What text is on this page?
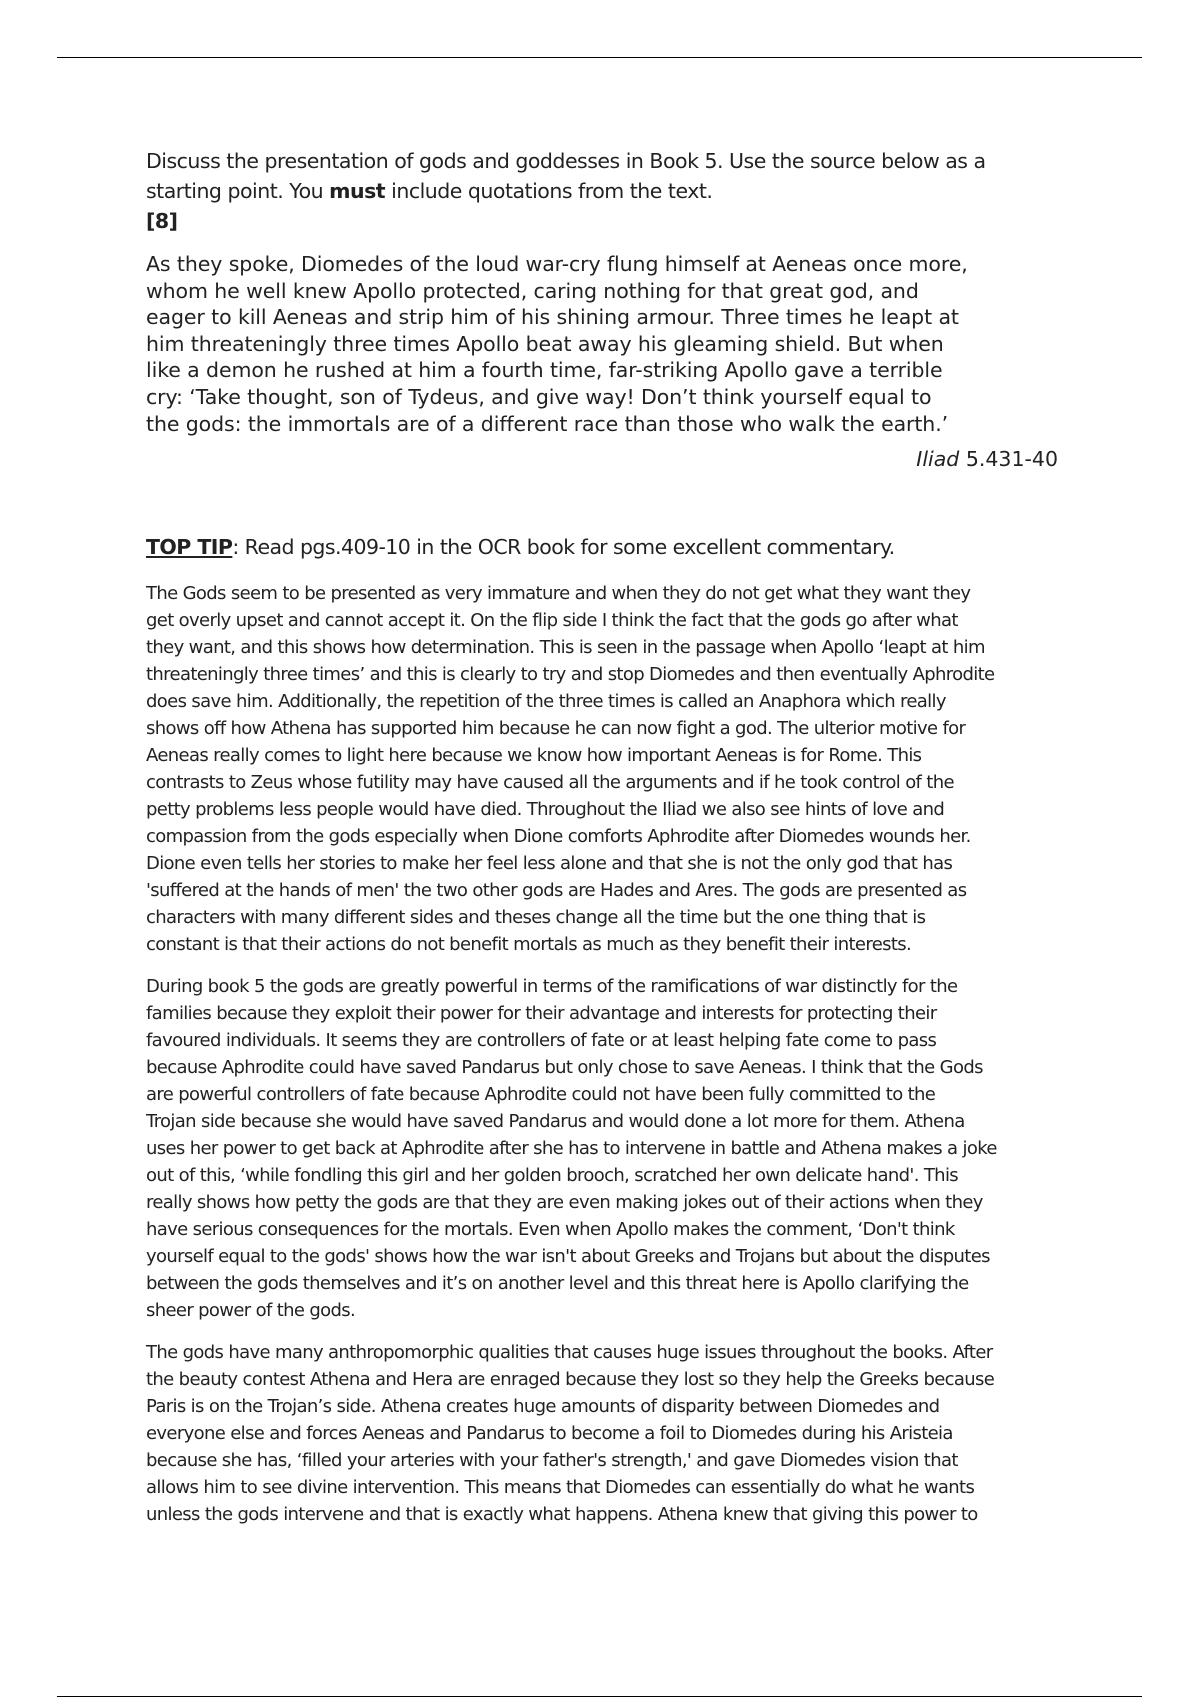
Discuss the presentation of gods and goddesses in Book 5. Use the source below as a

starting point. You must include quotations from the text.

[8]

As they spoke, Diomedes of the loud war-cry flung himself at Aeneas once more,

whom he well knew Apollo protected, caring nothing for that great god, and

eager to kill Aeneas and strip him of his shining armour. Three times he leapt at

him threateningly three times Apollo beat away his gleaming shield. But when

like a demon he rushed at him a fourth time, far-striking Apollo gave a terrible

cry: ‘Take thought, son of Tydeus, and give way! Don’t think yourself equal to

the gods: the immortals are of a different race than those who walk the earth.’

Iliad 5.431-40
TOP TIP: Read pgs.409-10 in the OCR book for some excellent commentary.

The Gods seem to be presented as very immature and when they do not get what they want they
get overly upset and cannot accept it. On the flip side I think the fact that the gods go after what
they want, and this shows how determination. This is seen in the passage when Apollo ‘leapt at him
threateningly three times’ and this is clearly to try and stop Diomedes and then eventually Aphrodite
does save him. Additionally, the repetition of the three times is called an Anaphora which really
shows off how Athena has supported him because he can now fight a god. The ulterior motive for
Aeneas really comes to light here because we know how important Aeneas is for Rome. This
contrasts to Zeus whose futility may have caused all the arguments and if he took control of the
petty problems less people would have died. Throughout the Iliad we also see hints of love and
compassion from the gods especially when Dione comforts Aphrodite after Diomedes wounds her.
Dione even tells her stories to make her feel less alone and that she is not the only god that has
'suffered at the hands of men' the two other gods are Hades and Ares. The gods are presented as
characters with many different sides and theses change all the time but the one thing that is
constant is that their actions do not benefit mortals as much as they benefit their interests.

During book 5 the gods are greatly powerful in terms of the ramifications of war distinctly for the
families because they exploit their power for their advantage and interests for protecting their
favoured individuals. It seems they are controllers of fate or at least helping fate come to pass
because Aphrodite could have saved Pandarus but only chose to save Aeneas. I think that the Gods
are powerful controllers of fate because Aphrodite could not have been fully committed to the
Trojan side because she would have saved Pandarus and would done a lot more for them. Athena
uses her power to get back at Aphrodite after she has to intervene in battle and Athena makes a joke
out of this, ‘while fondling this girl and her golden brooch, scratched her own delicate hand'. This
really shows how petty the gods are that they are even making jokes out of their actions when they
have serious consequences for the mortals. Even when Apollo makes the comment, ‘Don't think
yourself equal to the gods' shows how the war isn't about Greeks and Trojans but about the disputes
between the gods themselves and it’s on another level and this threat here is Apollo clarifying the
sheer power of the gods.

The gods have many anthropomorphic qualities that causes huge issues throughout the books. After
the beauty contest Athena and Hera are enraged because they lost so they help the Greeks because
Paris is on the Trojan’s side. Athena creates huge amounts of disparity between Diomedes and
everyone else and forces Aeneas and Pandarus to become a foil to Diomedes during his Aristeia
because she has, ‘filled your arteries with your father's strength,' and gave Diomedes vision that
allows him to see divine intervention. This means that Diomedes can essentially do what he wants
unless the gods intervene and that is exactly what happens. Athena knew that giving this power to
